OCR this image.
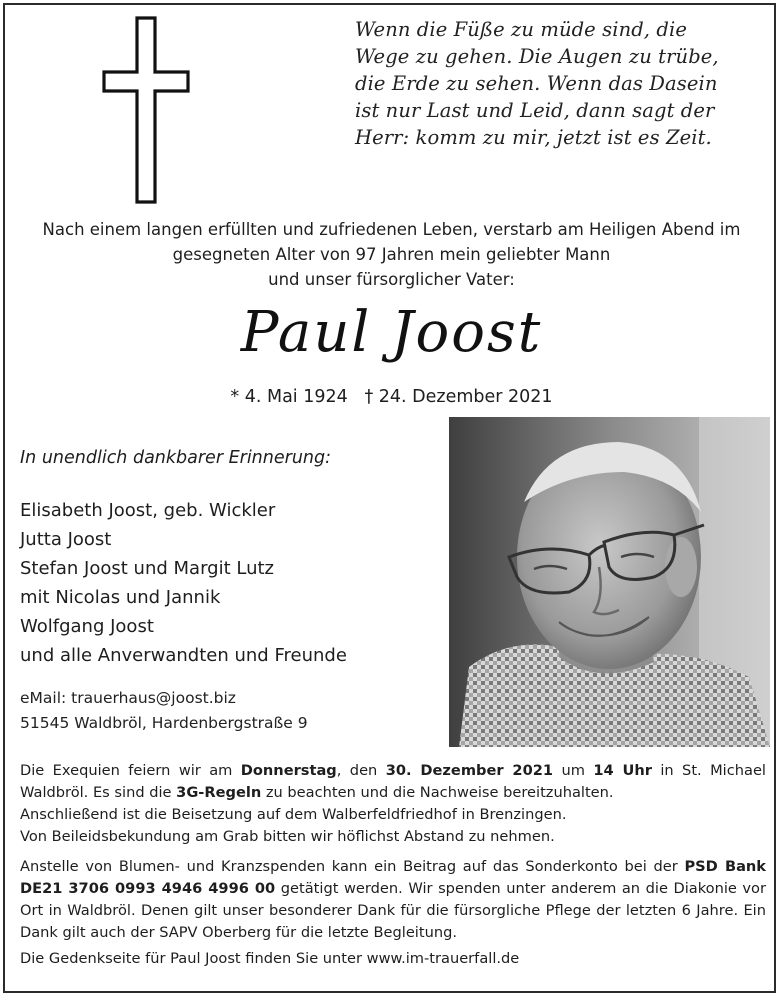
Wenn die Füße zu müde sind, die
Wege zu gehen. Die Augen zu trübe,
die Erde zu sehen. Wenn das Dasein
ist nur Last und Leid, dann sagt der
Herr: komm zu mir, jetzt ist es Zeit.
Nach einem langen erfüllten und zufriedenen Leben, verstarb am Heiligen Abend im
gesegneten Alter von 97 Jahren mein geliebter Mann
und unser fürsorglicher Vater:
Paul Joost
* 4. Mai 1924   † 24. Dezember 2021
In unendlich dankbarer Erinnerung:
Elisabeth Joost, geb. Wickler
Jutta Joost
Stefan Joost und Margit Lutz
mit Nicolas und Jannik
Wolfgang Joost
und alle Anverwandten und Freunde
eMail: trauerhaus@joost.biz
51545 Waldbröl, Hardenbergstraße 9

Die Exequien feiern wir am Donnerstag, den 30. Dezember 2021 um 14 Uhr in St. Michael Waldbröl. Es sind die 3G-Regeln zu beachten und die Nachweise bereitzuhalten.

Anschließend ist die Beisetzung auf dem Walberfeldfriedhof in Brenzingen.

Von Beileidsbekundung am Grab bitten wir höflichst Abstand zu nehmen.

Anstelle von Blumen- und Kranzspenden kann ein Beitrag auf das Sonderkonto bei der PSD Bank DE21 3706 0993 4946 4996 00 getätigt werden. Wir spenden unter anderem an die Diakonie vor Ort in Waldbröl. Denen gilt unser besonderer Dank für die fürsorgliche Pflege der letzten 6 Jahre. Ein Dank gilt auch der SAPV Oberberg für die letzte Begleitung.

Die Gedenkseite für Paul Joost finden Sie unter www.im-trauerfall.de
